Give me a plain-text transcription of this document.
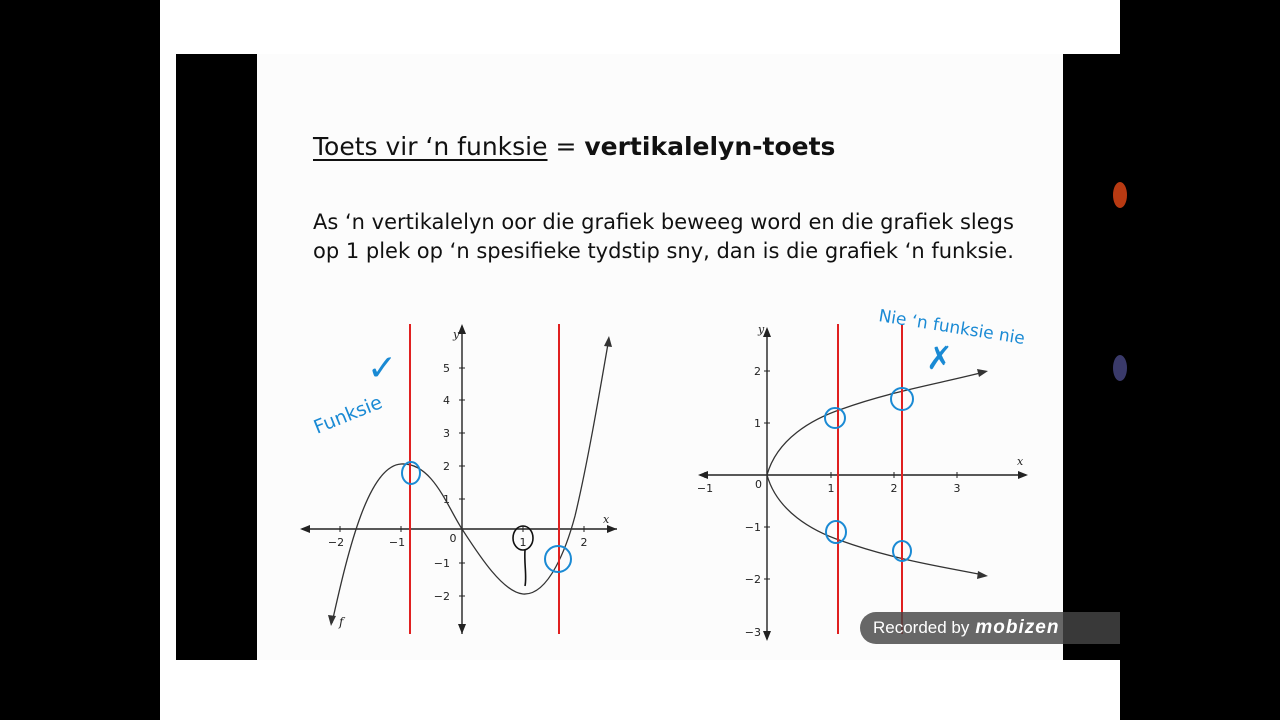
Toets vir ‘n funksie = vertikalelyn-toets
As ‘n vertikalelyn oor die grafiek beweeg word en die grafiek slegs op 1 plek op ‘n spesifieke tydstip sny, dan is die grafiek ‘n funksie.
y
x
5
4
3
2
1
−1
−2
−2	−1	0	1	2
f
✓
Funksie
y
x
2
1
−1
−2
−3
−1	0	1	2	3
Nie ‘n funksie nie
✗
Recorded by mobizen
